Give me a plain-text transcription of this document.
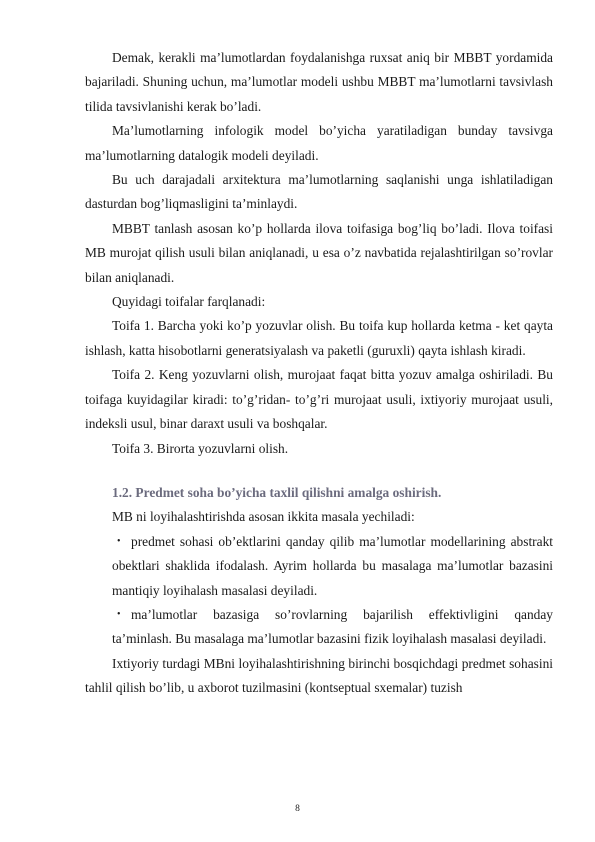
Demak, kerakli ma’lumotlardan foydalanishga ruxsat aniq bir MBBT yordamida bajariladi. Shuning uchun, ma’lumotlar modeli ushbu MBBT ma’lumotlarni tavsivlash tilida tavsivlanishi kerak bo’ladi.

Ma’lumotlarning infologik model bo’yicha yaratiladigan bunday tavsivga ma’lumotlarning datalogik modeli deyiladi.

Bu uch darajadali arxitektura ma’lumotlarning saqlanishi unga ishlatiladigan dasturdan bog’liqmasligini ta’minlaydi.

MBBT tanlash asosan ko’p hollarda ilova toifasiga bog’liq bo’ladi. Ilova toifasi MB murojat qilish usuli bilan aniqlanadi, u esa o’z navbatida rejalashtirilgan so’rovlar bilan aniqlanadi.

Quyidagi toifalar farqlanadi:

Toifa 1. Barcha yoki ko’p yozuvlar olish. Bu toifa kup hollarda ketma - ket qayta ishlash, katta hisobotlarni generatsiyalash va paketli (guruxli) qayta ishlash kiradi.

Toifa 2. Keng yozuvlarni olish, murojaat faqat bitta yozuv amalga oshiriladi. Bu toifaga kuyidagilar kiradi: to’g’ridan- to’g’ri murojaat usuli, ixtiyoriy murojaat usuli, indeksli usul, binar daraxt usuli va boshqalar.

Toifa 3. Birorta yozuvlarni olish.

1.2. Predmet soha bo’yicha taxlil qilishni amalga oshirish.

MB ni loyihalashtirishda asosan ikkita masala yechiladi:

• predmet sohasi ob’ektlarini qanday qilib ma’lumotlar modellarining abstrakt obektlari shaklida ifodalash. Ayrim hollarda bu masalaga ma’lumotlar bazasini mantiqiy loyihalash masalasi deyiladi.
• ma’lumotlar bazasiga so’rovlarning bajarilish effektivligini qanday ta’minlash. Bu masalaga ma’lumotlar bazasini fizik loyihalash masalasi deyiladi.

Ixtiyoriy turdagi MBni loyihalashtirishning birinchi bosqichdagi predmet sohasini tahlil qilish bo’lib, u axborot tuzilmasini (kontseptual sxemalar) tuzish

8
